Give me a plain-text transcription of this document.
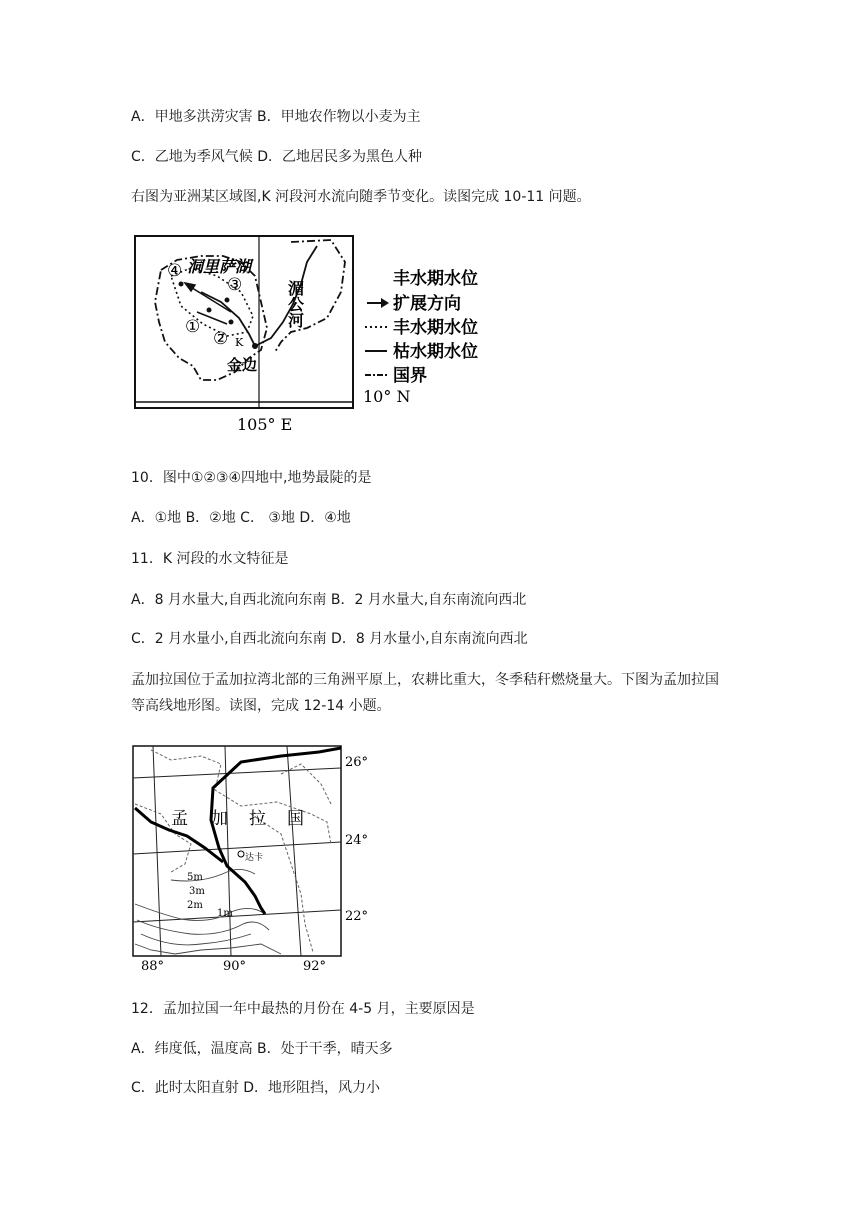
A．甲地多洪涝灾害 B．甲地农作物以小麦为主
C．乙地为季风气候 D．乙地居民多为黑色人种
右图为亚洲某区域图,K 河段河水流向随季节变化。读图完成 10-11 问题。
④ 洞里萨湖
③
①
② K
金边
湄公河
10° N
105° E
丰水期水位
扩展方向
丰水期水位
枯水期水位
国界
10．图中①②③④四地中,地势最陡的是
A．①地 B．②地 C． ③地 D．④地
11．K 河段的水文特征是
A．8 月水量大,自西北流向东南 B．2 月水量大,自东南流向西北
C．2 月水量小,自西北流向东南 D．8 月水量小,自东南流向西北
孟加拉国位于孟加拉湾北部的三角洲平原上，农耕比重大，冬季秸秆燃烧量大。下图为孟加拉国等高线地形图。读图，完成 12-14 小题。
孟 加 拉 国
达卡
5m
3m
2m
1m
26°
24°
22°
88°	90°	92°
12．孟加拉国一年中最热的月份在 4-5 月，主要原因是
A．纬度低，温度高 B．处于干季，晴天多
C．此时太阳直射 D．地形阻挡，风力小
